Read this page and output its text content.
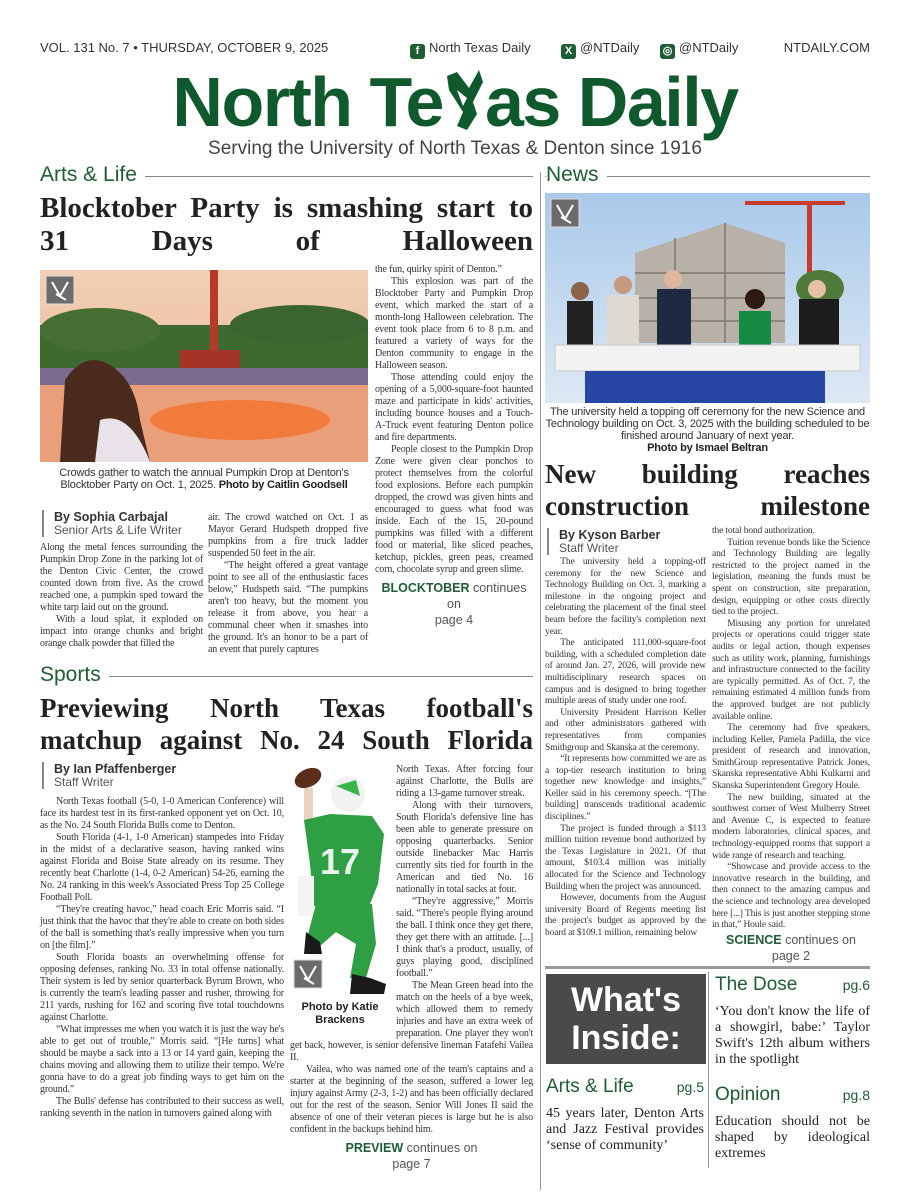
VOL. 131 No. 7 • THURSDAY, OCTOBER 9, 2025	f North Texas Daily	X @NTDaily ◎ @NTDaily	NTDAILY.COM
North Te as Daily
Serving the University of North Texas & Denton since 1916
Arts & Life
Blocktober Party is smashing start to 31 Days of Halloween
Crowds gather to watch the annual Pumpkin Drop at Denton's Blocktober Party on Oct. 1, 2025. Photo by Caitlin Goodsell
By Sophia Carbajal
Senior Arts & Life Writer

Along the metal fences surrounding the Pumpkin Drop Zone in the parking lot of the Denton Civic Center, the crowd counted down from five. As the crowd reached one, a pumpkin sped toward the white tarp laid out on the ground.

With a loud splat, it exploded on impact into orange chunks and bright orange chalk powder that filled the

air. The crowd watched on Oct. 1 as Mayor Gerard Hudspeth dropped five pumpkins from a fire truck ladder suspended 50 feet in the air.

“The height offered a great vantage point to see all of the enthusiastic faces below,” Hudspeth said. “The pumpkins aren't too heavy, but the moment you release it from above, you hear a communal cheer when it smashes into the ground. It's an honor to be a part of an event that purely captures

the fun, quirky spirit of Denton.”

This explosion was part of the Blocktober Party and Pumpkin Drop event, which marked the start of a month-long Halloween celebration. The event took place from 6 to 8 p.m. and featured a variety of ways for the Denton community to engage in the Halloween season.

Those attending could enjoy the opening of a 5,000-square-foot haunted maze and participate in kids' activities, including bounce houses and a Touch-A-Truck event featuring Denton police and fire departments.

People closest to the Pumpkin Drop Zone were given clear ponchos to protect themselves from the colorful food explosions. Before each pumpkin dropped, the crowd was given hints and encouraged to guess what food was inside. Each of the 15, 20-pound pumpkins was filled with a different food or material, like sliced peaches, ketchup, pickles, green peas, creamed corn, chocolate syrup and green slime.

BLOCKTOBER continues on
page 4
Sports
Previewing North Texas football's matchup against No. 24 South Florida
By Ian Pfaffenberger
Staff Writer

North Texas football (5-0, 1-0 American Conference) will face its hardest test in its first-ranked opponent yet on Oct. 10, as the No. 24 South Florida Bulls come to Denton.

South Florida (4-1, 1-0 American) stampedes into Friday in the midst of a declarative season, having ranked wins against Florida and Boise State already on its resume. They recently beat Charlotte (1-4, 0-2 American) 54-26, earning the No. 24 ranking in this week's Associated Press Top 25 College Football Poll.

“They're creating havoc,” head coach Eric Morris said. “I just think that the havoc that they're able to create on both sides of the ball is something that's really impressive when you turn on [the film].”

South Florida boasts an overwhelming offense for opposing defenses, ranking No. 33 in total offense nationally. Their system is led by senior quarterback Byrum Brown, who is currently the team's leading passer and rusher, throwing for 211 yards, rushing for 162 and scoring five total touchdowns against Charlotte.

“What impresses me when you watch it is just the way he's able to get out of trouble,” Morris said. “[He turns] what should be maybe a sack into a 13 or 14 yard gain, keeping the chains moving and allowing them to utilize their tempo. We're gonna have to do a great job finding ways to get him on the ground.”

The Bulls' defense has contributed to their success as well, ranking seventh in the nation in turnovers gained along with

17
Photo by Katie Brackens

North Texas. After forcing four against Charlotte, the Bulls are riding a 13-game turnover streak.

Along with their turnovers, South Florida's defensive line has been able to generate pressure on opposing quarterbacks. Senior outside linebacker Mac Harris currently sits tied for fourth in the American and tied No. 16 nationally in total sacks at four.

“They're aggressive,” Morris said. “There's people flying around the ball. I think once they get there, they get there with an attitude. [...] I think that's a product, usually, of guys playing good, disciplined football.”

The Mean Green head into the match on the heels of a bye week, which allowed them to remedy injuries and have an extra week of preparation. One player they won't get back, however, is senior defensive lineman Fatafehi Vailea II.

Vailea, who was named one of the team's captains and a starter at the beginning of the season, suffered a lower leg injury against Army (2-3, 1-2) and has been officially declared out for the rest of the season. Senior Will Jones II said the absence of one of their veteran pieces is large but he is also confident in the backups behind him.

PREVIEW continues on
page 7
News
The university held a topping off ceremony for the new Science and Technology building on Oct. 3, 2025 with the building scheduled to be finished around January of next year.
Photo by Ismael Beltran
New building reaches construction milestone
By Kyson Barber
Staff Writer

The university held a topping-off ceremony for the new Science and Technology Building on Oct. 3, marking a milestone in the ongoing project and celebrating the placement of the final steel beam before the facility's completion next year.

The anticipated 111,000-square-foot building, with a scheduled completion date of around Jan. 27, 2026, will provide new multidisciplinary research spaces on campus and is designed to bring together multiple areas of study under one roof.

University President Harrison Keller and other administrators gathered with representatives from companies Smithgroup and Skanska at the ceremony.

“It represents how committed we are as a top-tier research institution to bring together new knowledge and insights,” Keller said in his ceremony speech. “[The building] transcends traditional academic disciplines.”

The project is funded through a $113 million tuition revenue bond authorized by the Texas Legislature in 2021. Of that amount, $103.4 million was initially allocated for the Science and Technology Building when the project was announced.

However, documents from the August university Board of Regents meeting list the project's budget as approved by the board at $109.1 million, remaining below

the total bond authorization.

Tuition revenue bonds like the Science and Technology Building are legally restricted to the project named in the legislation, meaning the funds must be spent on construction, site preparation, design, equipping or other costs directly tied to the project.

Misusing any portion for unrelated projects or operations could trigger state audits or legal action, though expenses such as utility work, planning, furnishings and infrastructure connected to the facility are typically permitted. As of Oct. 7, the remaining estimated 4 million funds from the approved budget are not publicly available online.

The ceremony had five speakers, including Keller, Pamela Padilla, the vice president of research and innovation, SmithGroup representative Patrick Jones, Skanska representative Abhi Kulkarni and Skanska Superintendent Gregory Houle.

The new building, situated at the southwest corner of West Mulberry Street and Avenue C, is expected to feature modern laboratories, clinical spaces, and technology-equipped rooms that support a wide range of research and teaching.

“Showcase and provide access to the innovative research in the building, and then connect to the amazing campus and the science and technology area developed here [...] This is just another stepping stone in that,” Houle said.

SCIENCE continues on
page 2
What's
Inside:
Arts & Life	pg.5
45 years later, Denton Arts and Jazz Festival provides ‘sense of community’
The Dose	pg.6
‘You don't know the life of a showgirl, babe:’ Taylor Swift's 12th album withers in the spotlight
Opinion	pg.8
Education should not be shaped by ideological extremes
